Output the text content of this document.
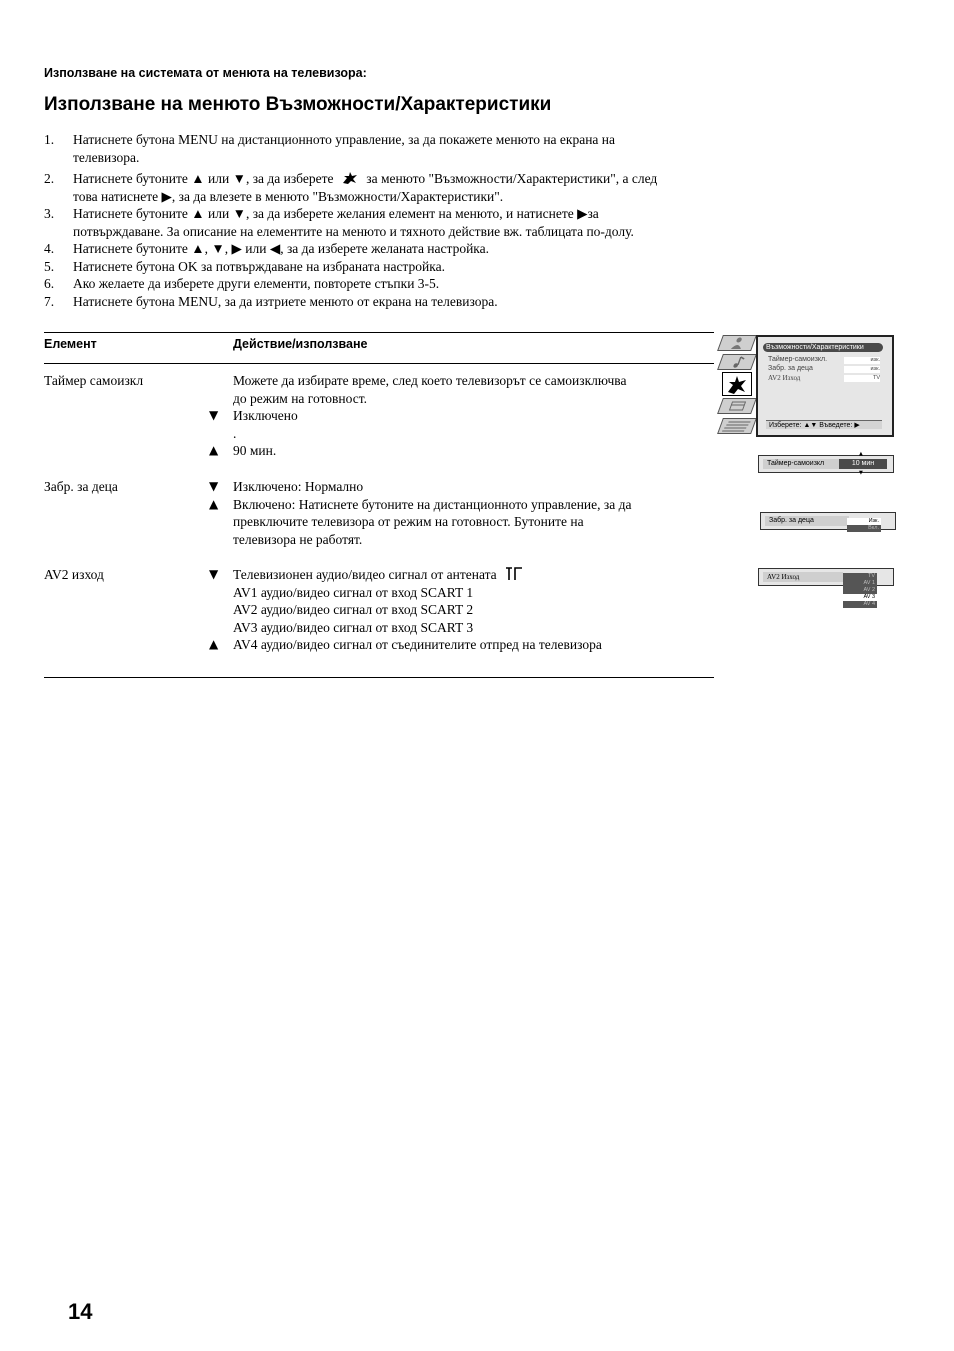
Използване на системата от менюта на телевизора:
Използване на менюто Възможности/Характеристики
1.	Натиснете бутона MENU на дистанционното управление, за да покажете менюто на екрана на
телевизора.
2.	Натиснете бутоните ▲ или ▼, за да изберете за менюто "Възможности/Характеристики", а след
това натиснете ▶, за да влезете в менюто "Възможности/Характеристики".
3.	Натиснете бутоните ▲ или ▼, за да изберете желания елемент на менюто, и натиснете ▶за
потвърждаване. За описание на елементите на менюто и тяхното действие вж. таблицата по-долу.
4.	Натиснете бутоните ▲, ▼, ▶ или ◀, за да изберете желаната настройка.
5.	Натиснете бутона OK за потвърждаване на избраната настройка.
6.	Ако желаете да изберете други елементи, повторете стъпки 3-5.
7.	Натиснете бутона MENU, за да изтриете менюто от екрана на телевизора.
Елемент	Действие/използване
Таймер самоизкл	Можете да избирате време, след което телевизорът се самоизключва
до режим на готовност.
▼	Изключено
.
▲	90 мин.
Забр. за деца	▼	Изключено: Нормално
▲	Включено: Натиснете бутоните на дистанционното управление, за да
превключите телевизора от режим на готовност. Бутоните на
телевизора не работят.
AV2 изход	▼	Телевизионен аудио/видео сигнал от антената
AV1 аудио/видео сигнал от вход SCART 1
AV2 аудио/видео сигнал от вход SCART 2
AV3 аудио/видео сигнал от вход SCART 3
▲	AV4 аудио/видео сигнал от съединителите отпред на телевизора
Възможности/Характеристики
Таймер-самоизкл.	изк.
Забр. за деца	изк.
AV2 Изход	TV
Изберете: ▲▼ Въведете: ▶
Таймер-самоизкл	10 мин
▲
▼
Забр. за деца	Изк.
Вкл.
AV2 Изход	TV
AV 1
AV 2
AV 3
AV 4
14
